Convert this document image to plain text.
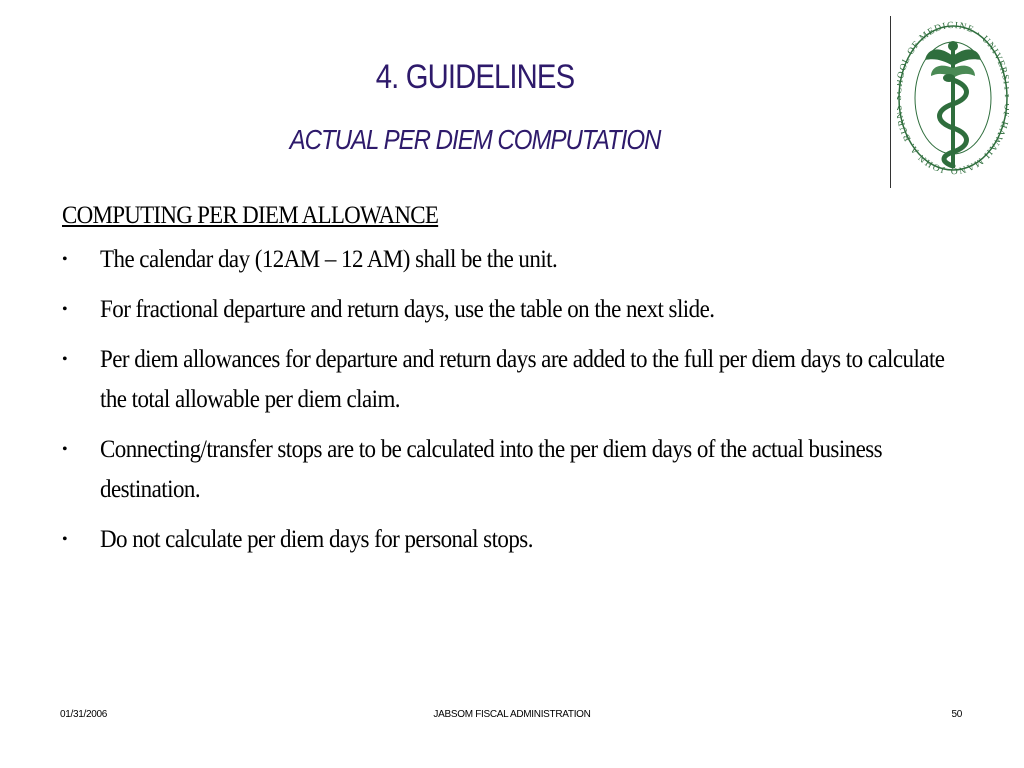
4. GUIDELINES
ACTUAL PER DIEM COMPUTATION
JOHN A. BUR OOL OF MEDICINE · UNIVER HAWAII MANO
COMPUTING PER DIEM ALLOWANCE
• The calendar day (12AM – 12 AM) shall be the unit.
• For fractional departure and return days, use the table on the next slide.
• Per diem allowances for departure and return days are added to the full per diem days to calculate the total allowable per diem claim.
• Connecting/transfer stops are to be calculated into the per diem days of the actual business destination.
• Do not calculate per diem days for personal stops.
01/31/2006	JABSOM FISCAL ADMINISTRATION	50
